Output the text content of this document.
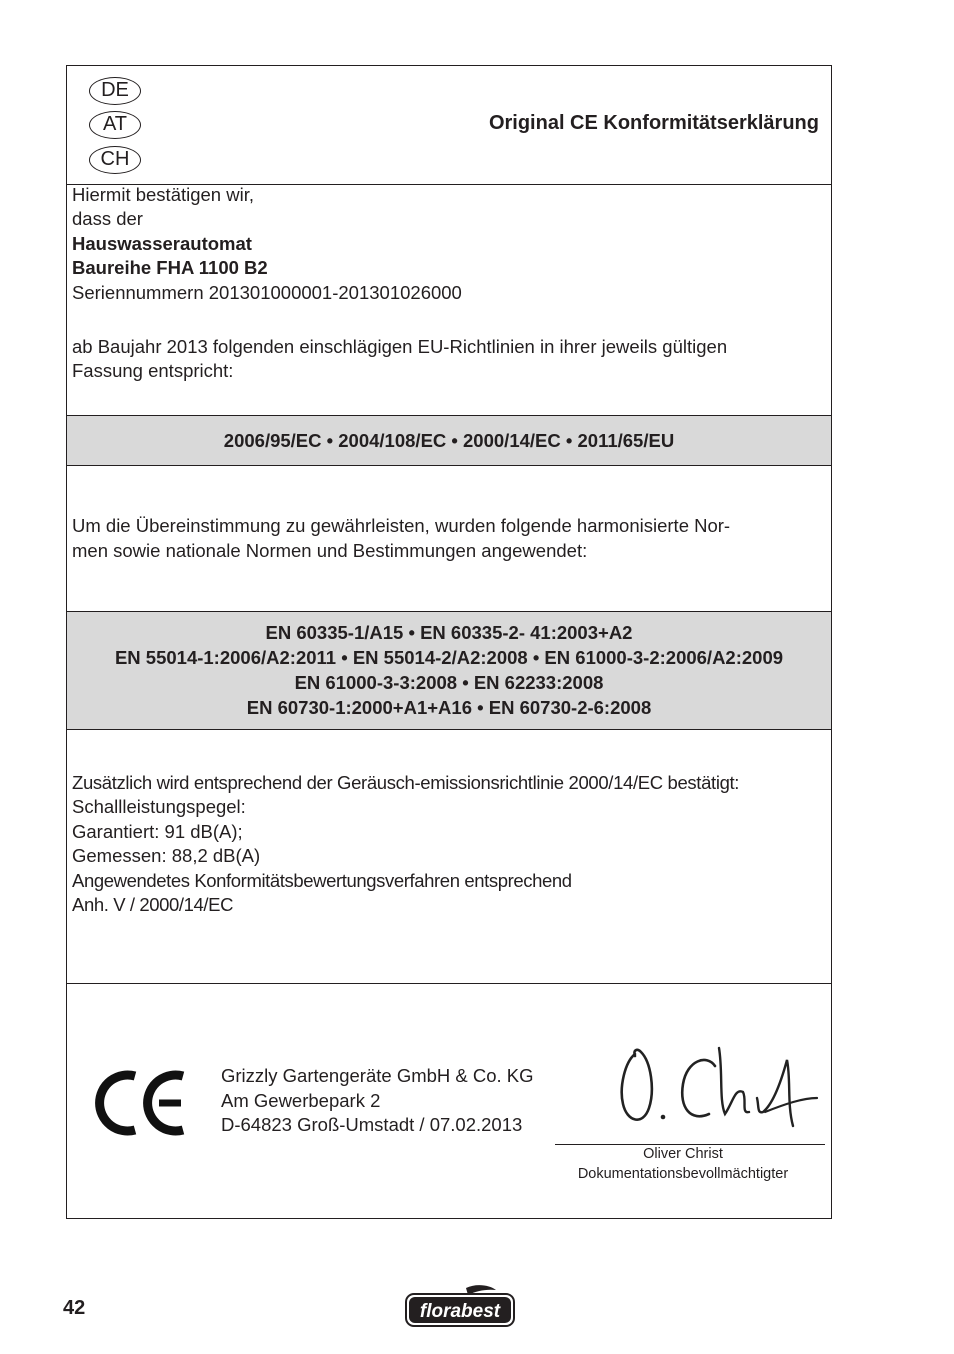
DE
AT
CH
Original CE Konformitätserklärung
Hiermit bestätigen wir,
dass der
Hauswasserautomat
Baureihe FHA 1100 B2
Seriennummern 201301000001-201301026000
ab Baujahr 2013 folgenden einschlägigen EU-Richtlinien in ihrer jeweils gültigen
Fassung entspricht:
2006/95/EC • 2004/108/EC • 2000/14/EC • 2011/65/EU
Um die Übereinstimmung zu gewährleisten, wurden folgende harmonisierte Nor-
men sowie nationale Normen und Bestimmungen angewendet:
EN 60335-1/A15 • EN 60335-2- 41:2003+A2
EN 55014-1:2006/A2:2011 • EN 55014-2/A2:2008 • EN 61000-3-2:2006/A2:2009
EN 61000-3-3:2008 • EN 62233:2008
EN 60730-1:2000+A1+A16 • EN 60730-2-6:2008
Zusätzlich wird entsprechend der Geräusch-emissionsrichtlinie 2000/14/EC bestätigt:
Schallleistungspegel:
Garantiert: 91 dB(A);
Gemessen: 88,2 dB(A)
Angewendetes Konformitätsbewertungsverfahren entsprechend
Anh. V / 2000/14/EC
Grizzly Gartengeräte GmbH & Co. KG
Am Gewerbepark 2
D-64823 Groß-Umstadt / 07.02.2013
Oliver Christ
Dokumentationsbevollmächtigter
42	florabest
